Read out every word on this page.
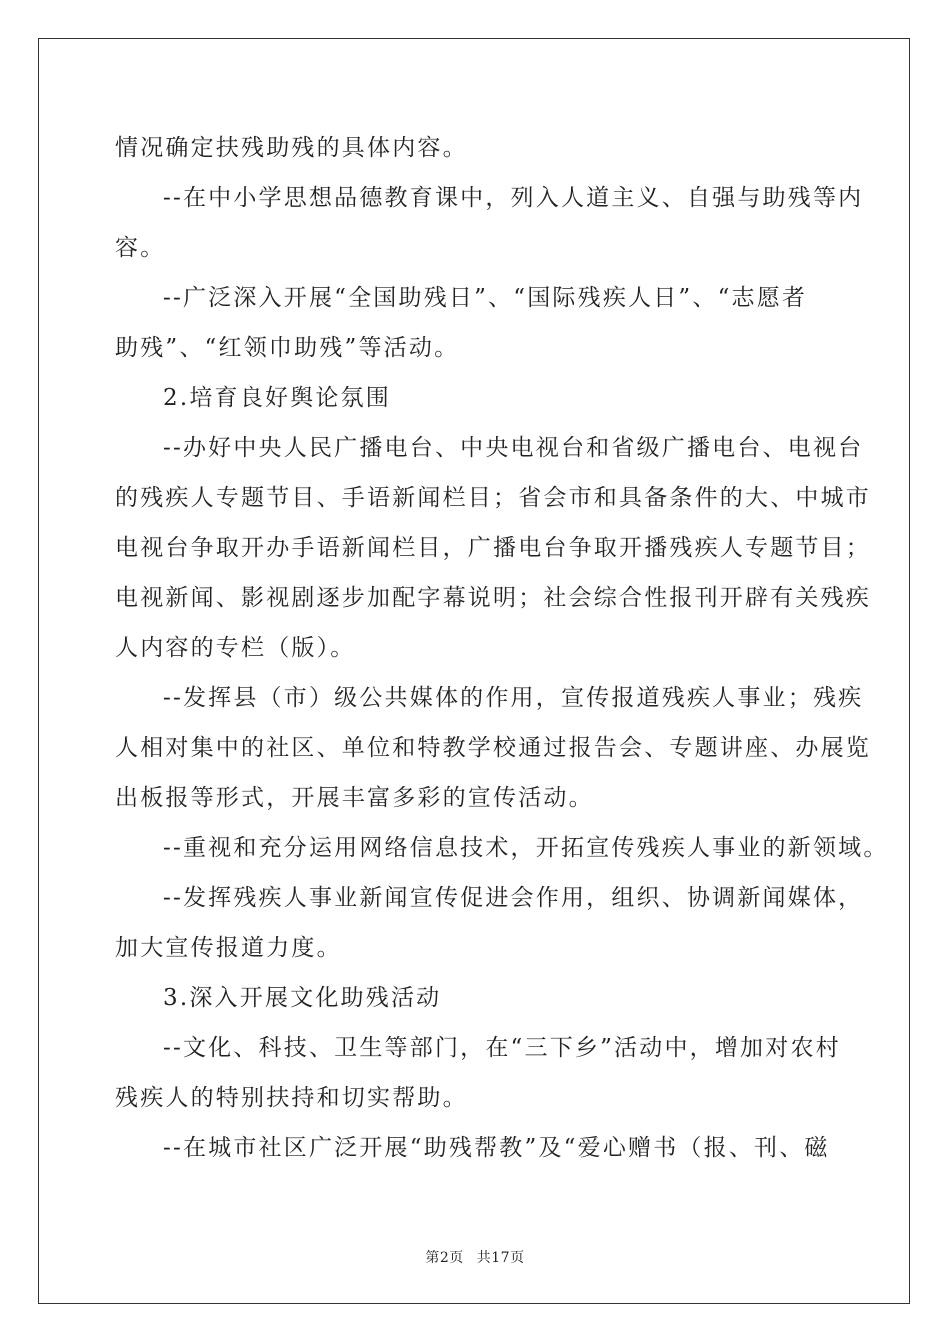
情况确定扶残助残的具体内容。
--在中小学思想品德教育课中，列入人道主义、自强与助残等内
容。
--广泛深入开展“全国助残日”、“国际残疾人日”、“志愿者
助残”、“红领巾助残”等活动。
2.培育良好舆论氛围
--办好中央人民广播电台、中央电视台和省级广播电台、电视台
的残疾人专题节目、手语新闻栏目；省会市和具备条件的大、中城市
电视台争取开办手语新闻栏目，广播电台争取开播残疾人专题节目；
电视新闻、影视剧逐步加配字幕说明；社会综合性报刊开辟有关残疾
人内容的专栏（版）。
--发挥县（市）级公共媒体的作用，宣传报道残疾人事业；残疾
人相对集中的社区、单位和特教学校通过报告会、专题讲座、办展览
出板报等形式，开展丰富多彩的宣传活动。
--重视和充分运用网络信息技术，开拓宣传残疾人事业的新领域。
--发挥残疾人事业新闻宣传促进会作用，组织、协调新闻媒体，
加大宣传报道力度。
3.深入开展文化助残活动
--文化、科技、卫生等部门，在“三下乡”活动中，增加对农村
残疾人的特别扶持和切实帮助。
--在城市社区广泛开展“助残帮教”及“爱心赠书（报、刊、磁
第2页 共17页
